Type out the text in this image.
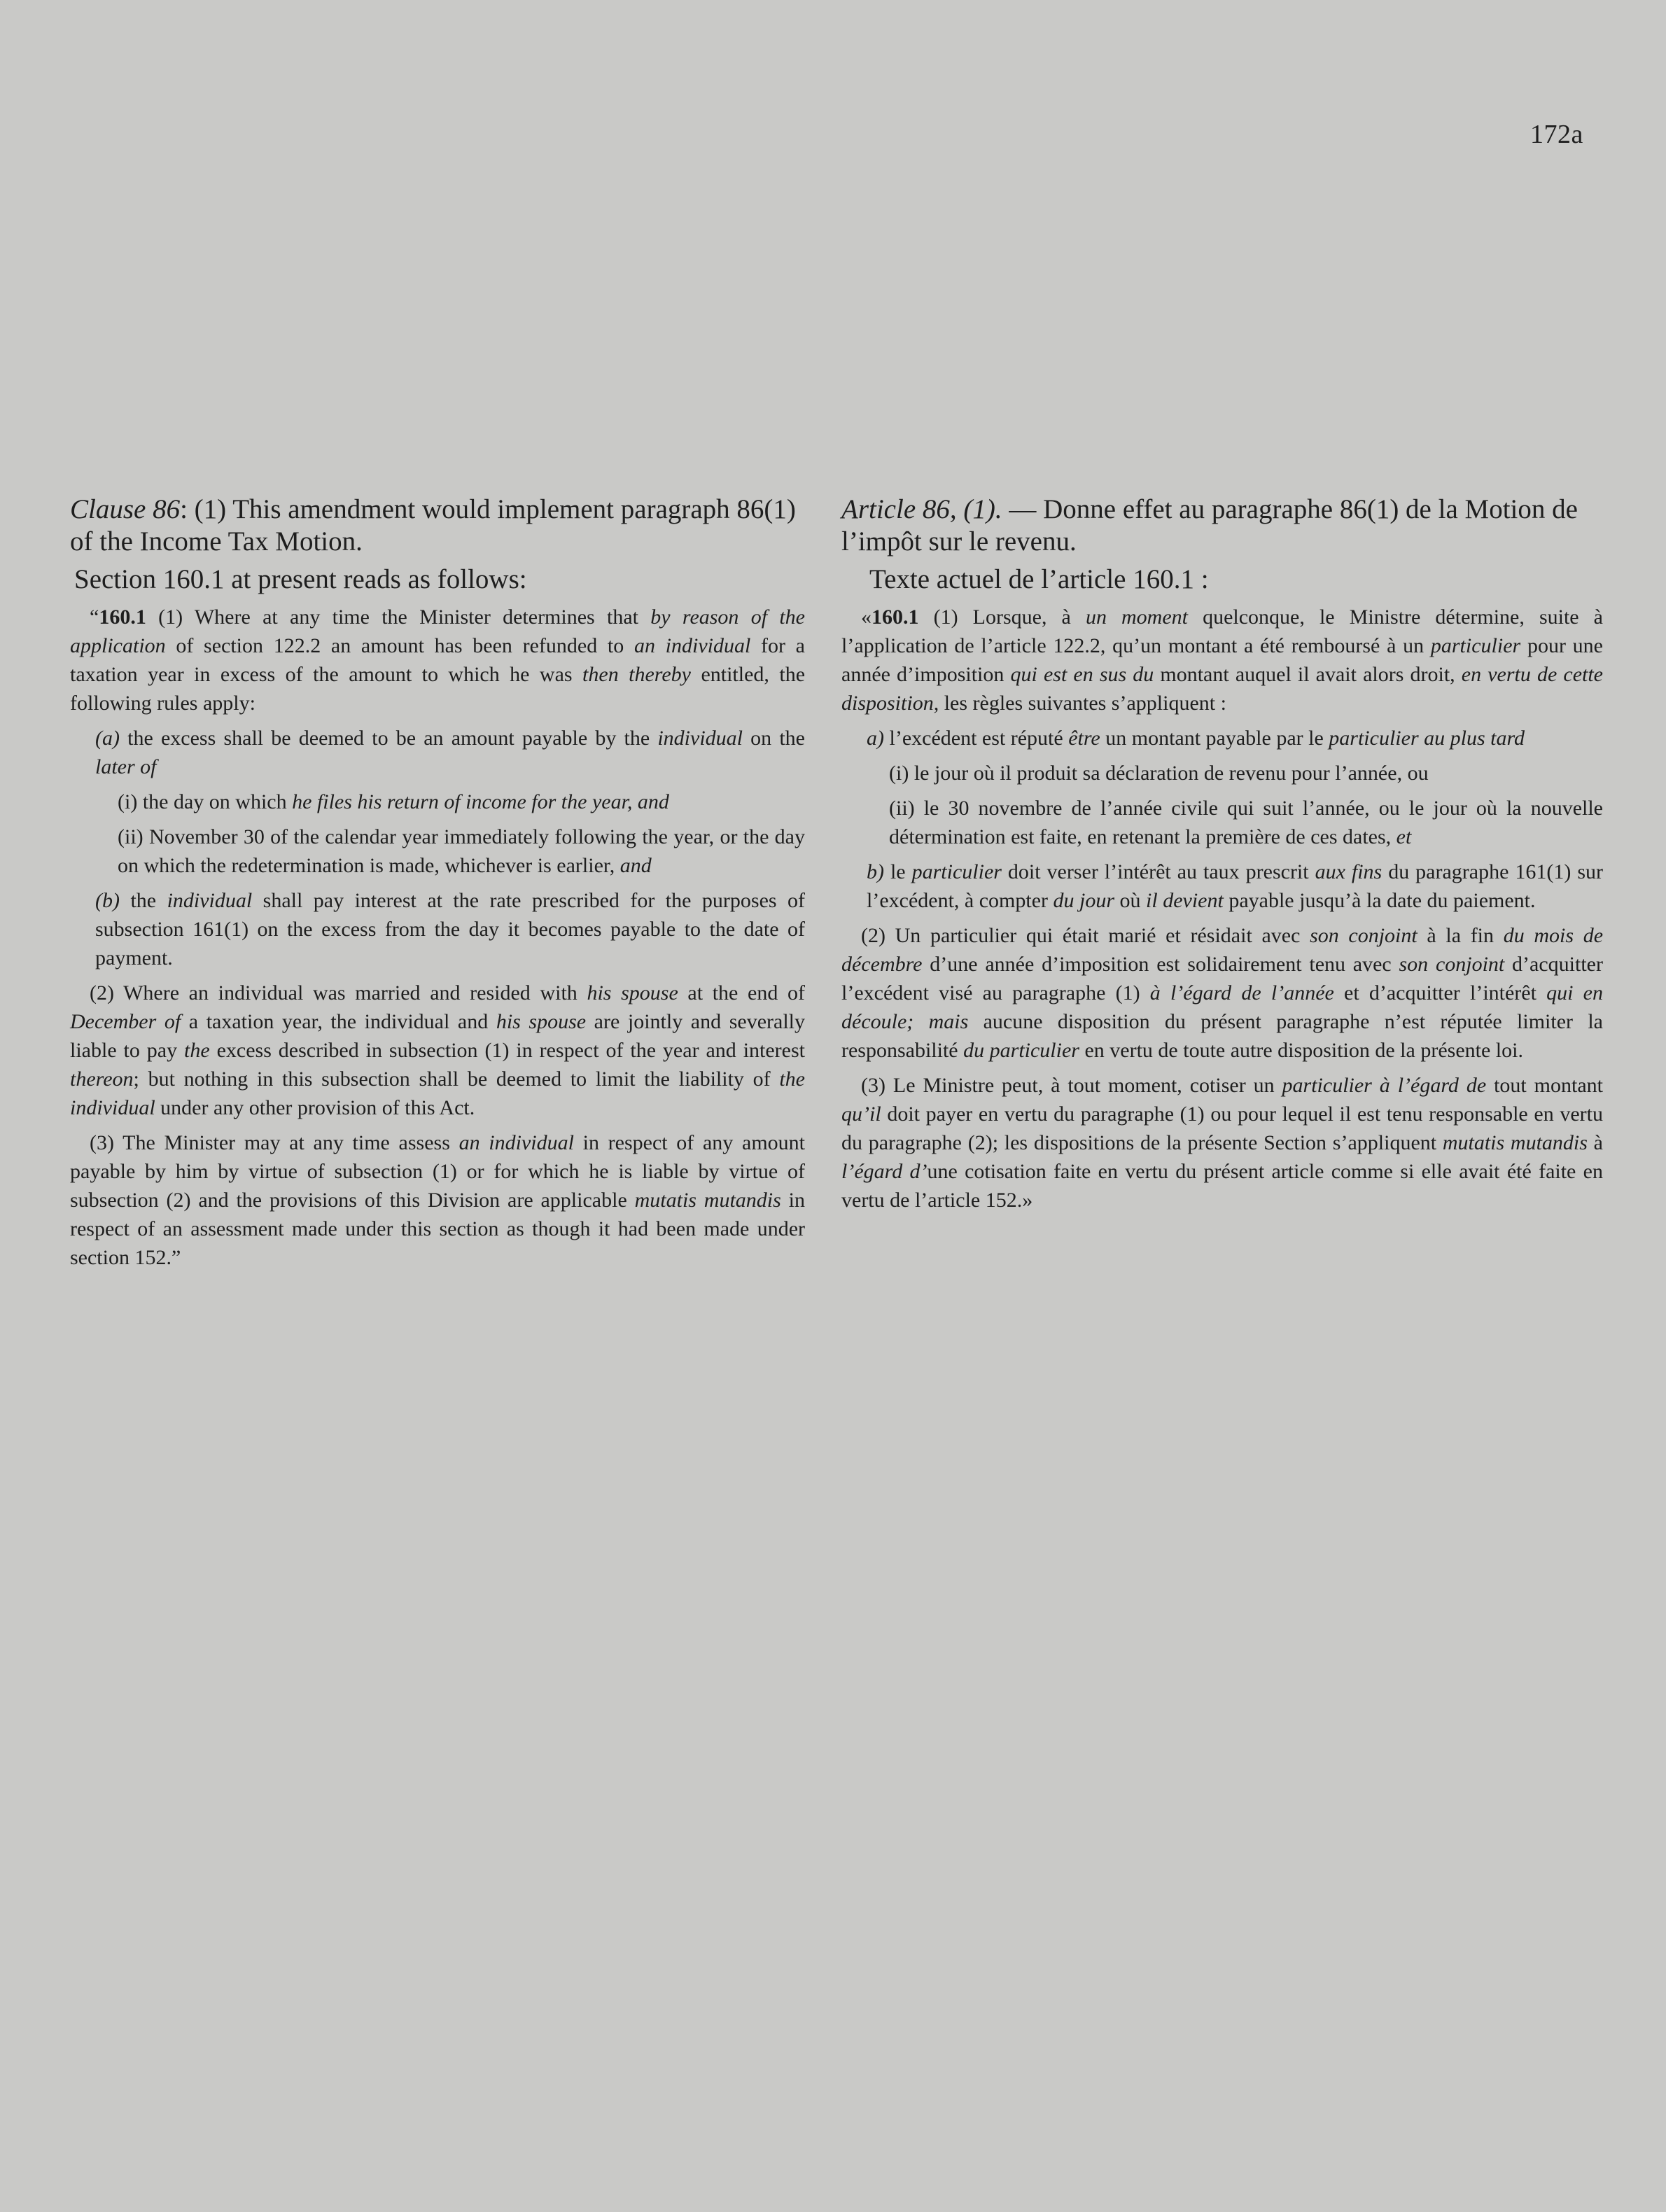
172a

Clause 86: (1) This amendment would implement paragraph 86(1) of the Income Tax Motion.

Section 160.1 at present reads as follows:

“160.1 (1) Where at any time the Minister determines that by reason of the application of section 122.2 an amount has been refunded to an individual for a taxation year in excess of the amount to which he was then thereby entitled, the following rules apply:

(a) the excess shall be deemed to be an amount payable by the individual on the later of

(i) the day on which he files his return of income for the year, and

(ii) November 30 of the calendar year immediately following the year, or the day on which the redetermination is made, whichever is earlier, and

(b) the individual shall pay interest at the rate prescribed for the purposes of subsection 161(1) on the excess from the day it becomes payable to the date of payment.

(2) Where an individual was married and resided with his spouse at the end of December of a taxation year, the individual and his spouse are jointly and severally liable to pay the excess described in subsection (1) in respect of the year and interest thereon; but nothing in this subsection shall be deemed to limit the liability of the individual under any other provision of this Act.

(3) The Minister may at any time assess an individual in respect of any amount payable by him by virtue of subsection (1) or for which he is liable by virtue of subsection (2) and the provisions of this Division are applicable mutatis mutandis in respect of an assessment made under this section as though it had been made under section 152.”

Article 86, (1). — Donne effet au paragraphe 86(1) de la Motion de l’impôt sur le revenu.

Texte actuel de l’article 160.1 :

«160.1 (1) Lorsque, à un moment quelconque, le Ministre détermine, suite à l’application de l’article 122.2, qu’un montant a été remboursé à un particulier pour une année d’imposition qui est en sus du montant auquel il avait alors droit, en vertu de cette disposition, les règles suivantes s’appliquent :

a) l’excédent est réputé être un montant payable par le particulier au plus tard

(i) le jour où il produit sa déclaration de revenu pour l’année, ou

(ii) le 30 novembre de l’année civile qui suit l’année, ou le jour où la nouvelle détermination est faite, en retenant la première de ces dates, et

b) le particulier doit verser l’intérêt au taux prescrit aux fins du paragraphe 161(1) sur l’excédent, à compter du jour où il devient payable jusqu’à la date du paiement.

(2) Un particulier qui était marié et résidait avec son conjoint à la fin du mois de décembre d’une année d’imposition est solidairement tenu avec son conjoint d’acquitter l’excédent visé au paragraphe (1) à l’égard de l’année et d’acquitter l’intérêt qui en découle; mais aucune disposition du présent paragraphe n’est réputée limiter la responsabilité du particulier en vertu de toute autre disposition de la présente loi.

(3) Le Ministre peut, à tout moment, cotiser un particulier à l’égard de tout montant qu’il doit payer en vertu du paragraphe (1) ou pour lequel il est tenu responsable en vertu du paragraphe (2); les dispositions de la présente Section s’appliquent mutatis mutandis à l’égard d’une cotisation faite en vertu du présent article comme si elle avait été faite en vertu de l’article 152.»
